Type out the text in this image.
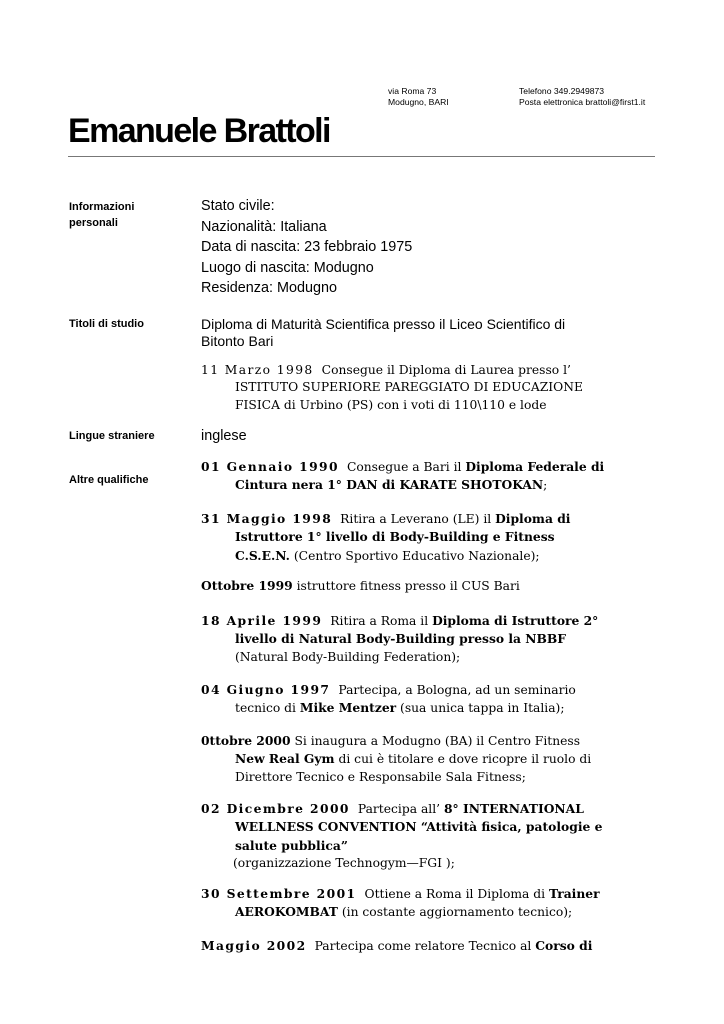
via Roma 73
Modugno, BARI
Telefono 349.2949873
Posta elettronica brattoli@first1.it
Emanuele Brattoli
Informazioni
personali
Titoli di studio
Lingue straniere
Altre qualifiche
Stato civile:
Nazionalità: Italiana
Data di nascita: 23 febbraio 1975
Luogo di nascita: Modugno
Residenza: Modugno
Diploma di Maturità Scientifica presso il Liceo Scientifico di
Bitonto Bari
11 Marzo 1998 Consegue il Diploma di Laurea presso l’
ISTITUTO SUPERIORE PAREGGIATO DI EDUCAZIONE
FISICA di Urbino (PS) con i voti di 110\110 e lode
inglese
01 Gennaio 1990 Consegue a Bari il Diploma Federale di
Cintura nera 1° DAN di KARATE SHOTOKAN;
31 Maggio 1998 Ritira a Leverano (LE) il Diploma di
Istruttore 1° livello di Body-Building e Fitness
C.S.E.N. (Centro Sportivo Educativo Nazionale);
Ottobre 1999 istruttore fitness presso il CUS Bari
18 Aprile 1999 Ritira a Roma il Diploma di Istruttore 2°
livello di Natural Body-Building presso la NBBF
(Natural Body-Building Federation);
04 Giugno 1997 Partecipa, a Bologna, ad un seminario
tecnico di Mike Mentzer (sua unica tappa in Italia);
0ttobre 2000 Si inaugura a Modugno (BA) il Centro Fitness
New Real Gym di cui è titolare e dove ricopre il ruolo di
Direttore Tecnico e Responsabile Sala Fitness;
02 Dicembre 2000 Partecipa all’ 8° INTERNATIONAL
WELLNESS CONVENTION “Attività fisica, patologie e
salute pubblica”
(organizzazione Technogym—FGI );
30 Settembre 2001 Ottiene a Roma il Diploma di Trainer
AEROKOMBAT (in costante aggiornamento tecnico);
Maggio 2002 Partecipa come relatore Tecnico al Corso di
